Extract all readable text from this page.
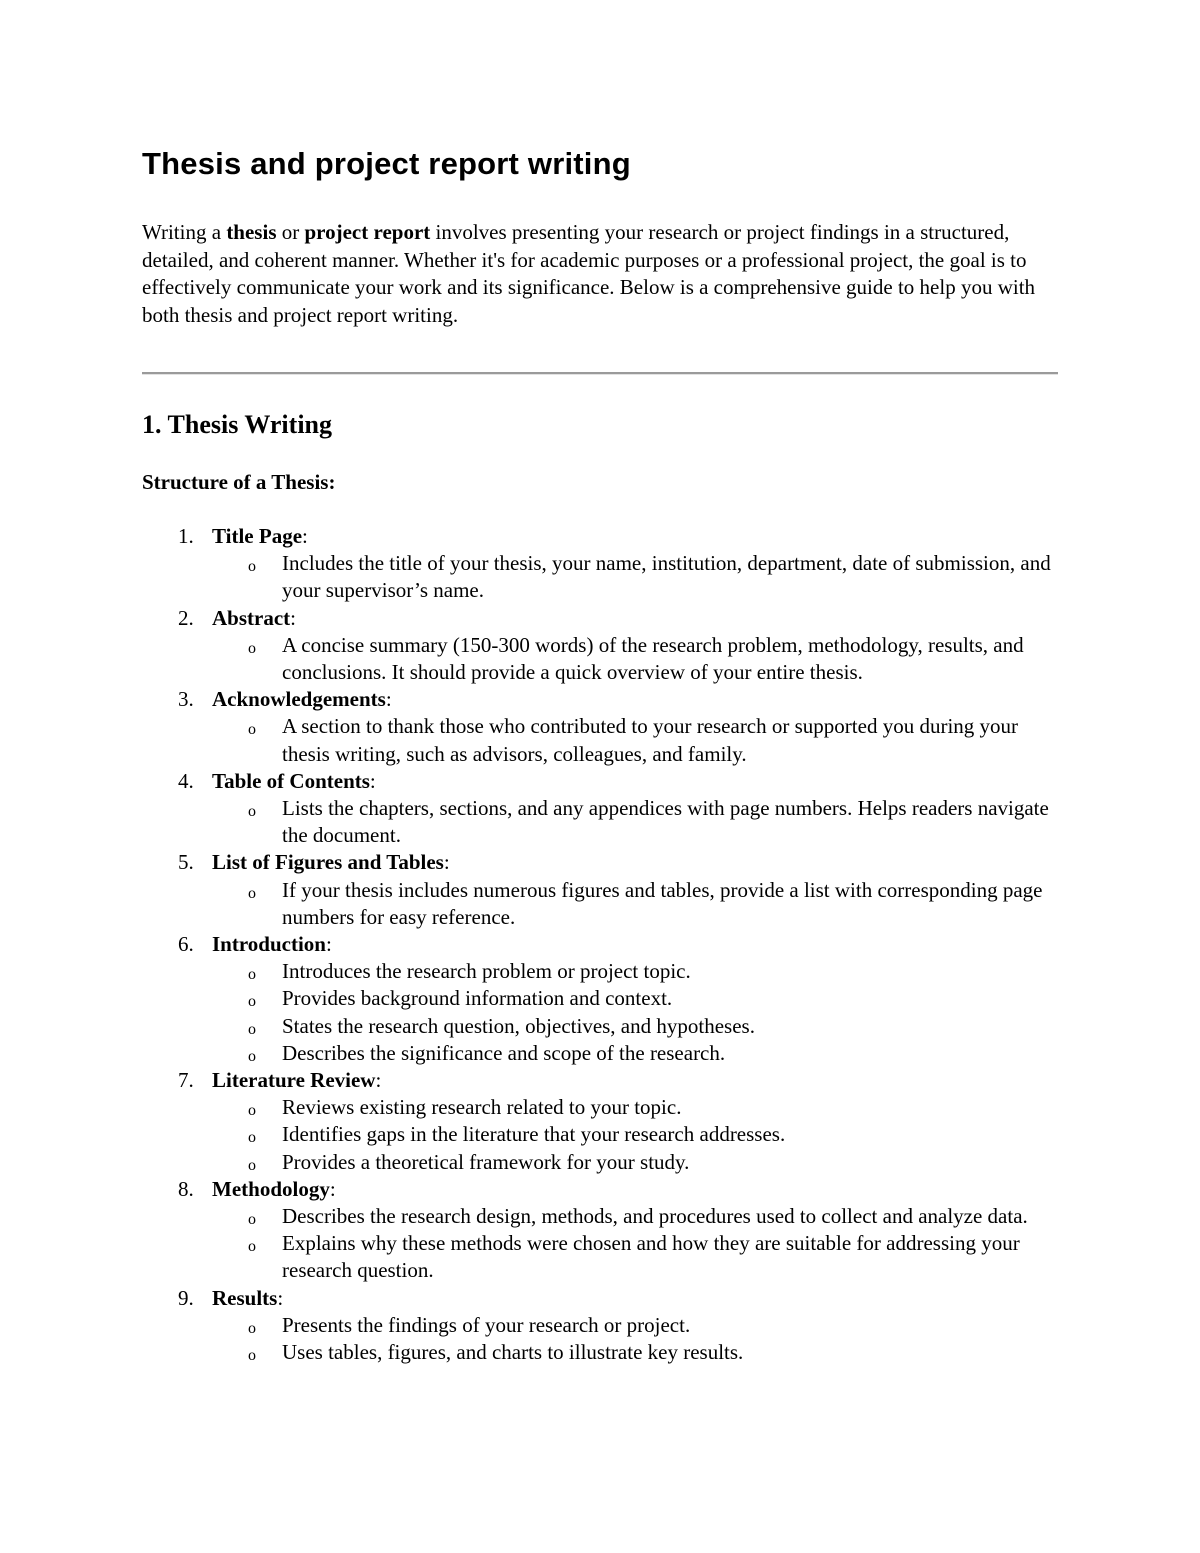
Thesis and project report writing

Writing a thesis or project report involves presenting your research or project findings in a structured, detailed, and coherent manner. Whether it's for academic purposes or a professional project, the goal is to effectively communicate your work and its significance. Below is a comprehensive guide to help you with both thesis and project report writing.

1. Thesis Writing
Structure of a Thesis:
1. Title Page:
o Includes the title of your thesis, your name, institution, department, date of submission, and your supervisor’s name.
2. Abstract:
o A concise summary (150-300 words) of the research problem, methodology, results, and conclusions. It should provide a quick overview of your entire thesis.
3. Acknowledgements:
o A section to thank those who contributed to your research or supported you during your thesis writing, such as advisors, colleagues, and family.
4. Table of Contents:
o Lists the chapters, sections, and any appendices with page numbers. Helps readers navigate the document.
5. List of Figures and Tables:
o If your thesis includes numerous figures and tables, provide a list with corresponding page numbers for easy reference.
6. Introduction:
o Introduces the research problem or project topic.
o Provides background information and context.
o States the research question, objectives, and hypotheses.
o Describes the significance and scope of the research.
7. Literature Review:
o Reviews existing research related to your topic.
o Identifies gaps in the literature that your research addresses.
o Provides a theoretical framework for your study.
8. Methodology:
o Describes the research design, methods, and procedures used to collect and analyze data.
o Explains why these methods were chosen and how they are suitable for addressing your research question.
9. Results:
o Presents the findings of your research or project.
o Uses tables, figures, and charts to illustrate key results.
